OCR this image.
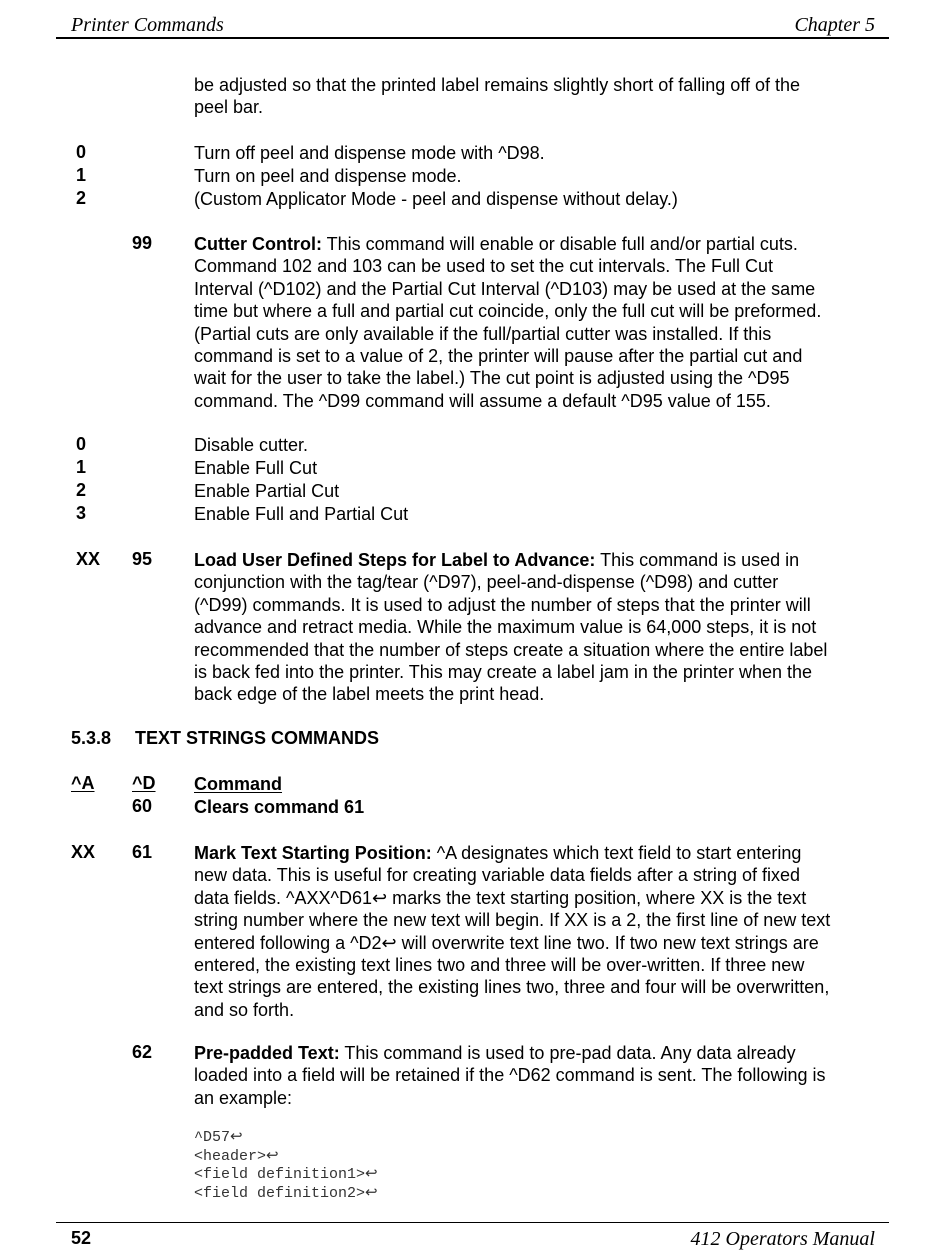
Printer Commands	Chapter 5
be adjusted so that the printed label remains slightly short of falling off of the
peel bar.
0	Turn off peel and dispense mode with ^D98.
1	Turn on peel and dispense mode.
2	(Custom Applicator Mode - peel and dispense without delay.)
99 Cutter Control: This command will enable or disable full and/or partial cuts.
Command 102 and 103 can be used to set the cut intervals. The Full Cut
Interval (^D102) and the Partial Cut Interval (^D103) may be used at the same
time but where a full and partial cut coincide, only the full cut will be preformed.
(Partial cuts are only available if the full/partial cutter was installed. If this
command is set to a value of 2, the printer will pause after the partial cut and
wait for the user to take the label.) The cut point is adjusted using the ^D95
command. The ^D99 command will assume a default ^D95 value of 155.
0	Disable cutter.
1	Enable Full Cut
2	Enable Partial Cut
3	Enable Full and Partial Cut
XX 95 Load User Defined Steps for Label to Advance: This command is used in
conjunction with the tag/tear (^D97), peel-and-dispense (^D98) and cutter
(^D99) commands. It is used to adjust the number of steps that the printer will
advance and retract media. While the maximum value is 64,000 steps, it is not
recommended that the number of steps create a situation where the entire label
is back fed into the printer. This may create a label jam in the printer when the
back edge of the label meets the print head.
5.3.8 TEXT STRINGS COMMANDS
^A ^D Command
60 Clears command 61
XX 61 Mark Text Starting Position: ^A designates which text field to start entering
new data. This is useful for creating variable data fields after a string of fixed
data fields. ^AXX^D61↩ marks the text starting position, where XX is the text
string number where the new text will begin. If XX is a 2, the first line of new text
entered following a ^D2↩ will overwrite text line two. If two new text strings are
entered, the existing text lines two and three will be over-written. If three new
text strings are entered, the existing lines two, three and four will be overwritten,
and so forth.
62 Pre-padded Text: This command is used to pre-pad data. Any data already
loaded into a field will be retained if the ^D62 command is sent. The following is
an example:
^D57↩
<header>↩
<field definition1>↩
<field definition2>↩
52	412 Operators Manual
